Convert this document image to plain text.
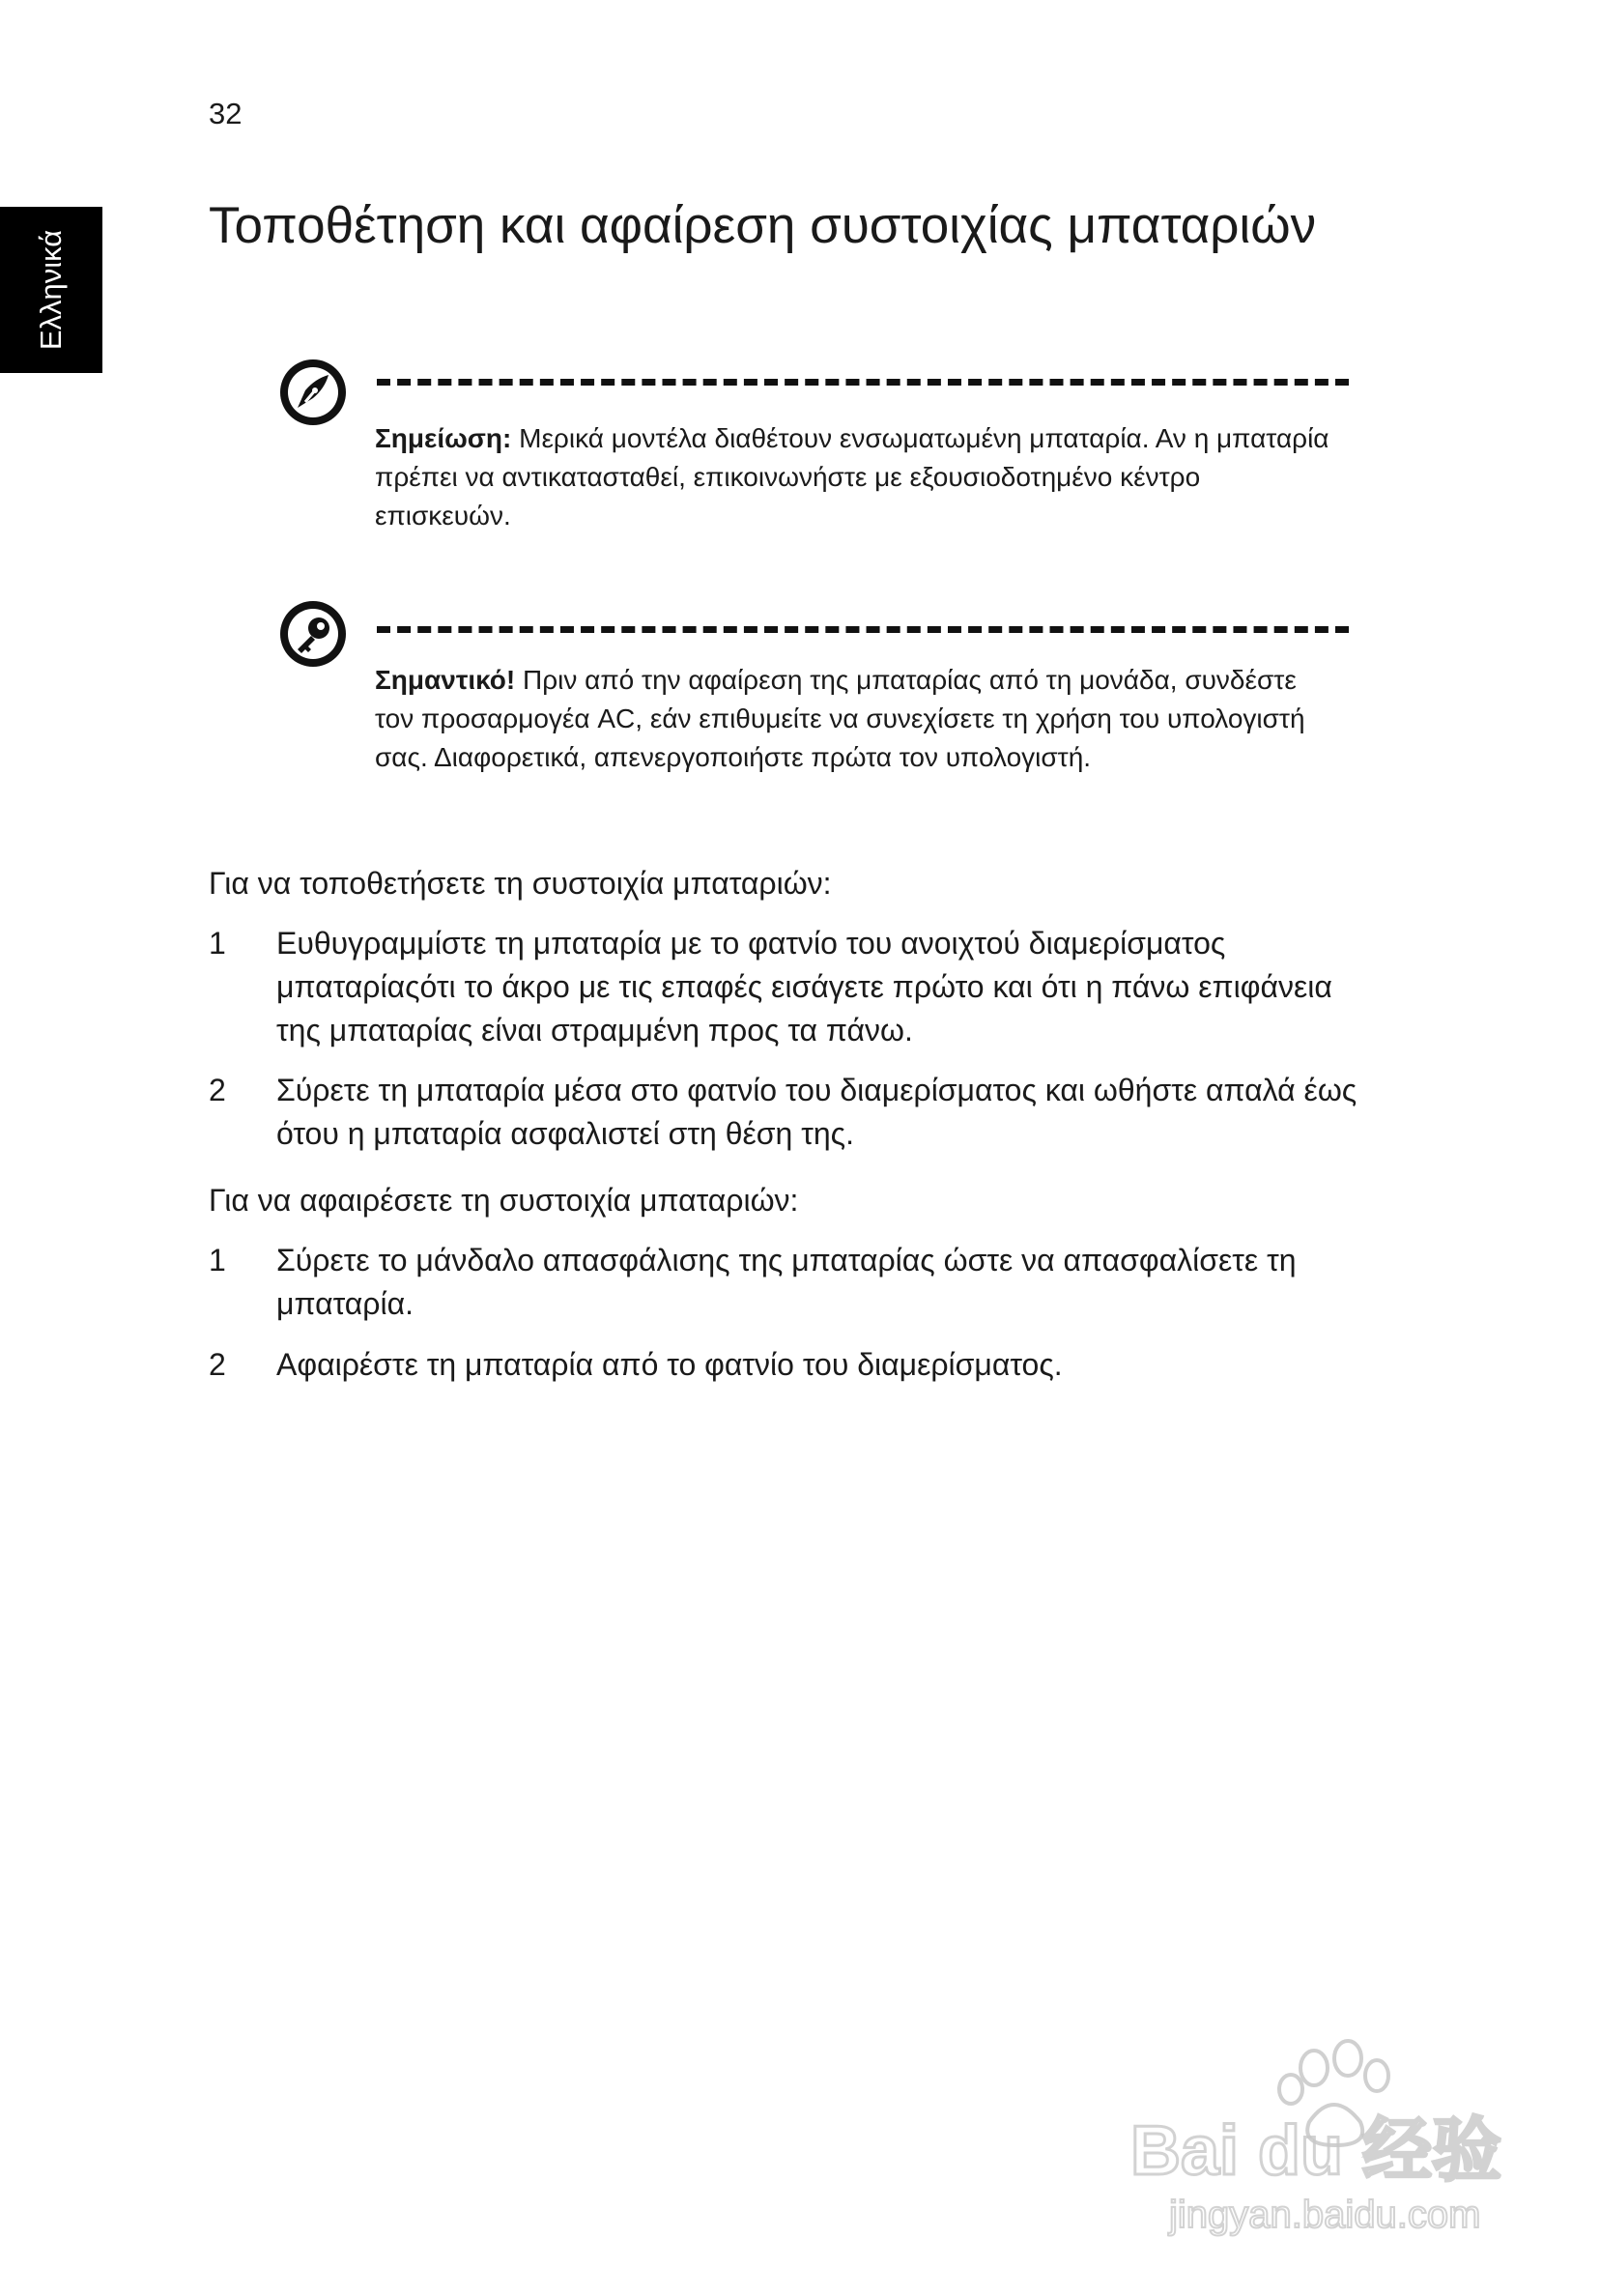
32
Ελληνικά
Τοποθέτηση και αφαίρεση συστοιχίας μπαταριών
Σημείωση: Μερικά μοντέλα διαθέτουν ενσωματωμένη μπαταρία. Αν η μπαταρία πρέπει να αντικατασταθεί, επικοινωνήστε με εξουσιοδοτημένο κέντρο επισκευών.
Σημαντικό! Πριν από την αφαίρεση της μπαταρίας από τη μονάδα, συνδέστε τον προσαρμογέα AC, εάν επιθυμείτε να συνεχίσετε τη χρήση του υπολογιστή σας. Διαφορετικά, απενεργοποιήστε πρώτα τον υπολογιστή.
Για να τοποθετήσετε τη συστοιχία μπαταριών:
1 Ευθυγραμμίστε τη μπαταρία με το φατνίο του ανοιχτού διαμερίσματος μπαταρίαςότι το άκρο με τις επαφές εισάγετε πρώτο και ότι η πάνω επιφάνεια της μπαταρίας είναι στραμμένη προς τα πάνω.
2 Σύρετε τη μπαταρία μέσα στο φατνίο του διαμερίσματος και ωθήστε απαλά έως ότου η μπαταρία ασφαλιστεί στη θέση της.
Για να αφαιρέσετε τη συστοιχία μπαταριών:
1 Σύρετε το μάνδαλο απασφάλισης της μπαταρίας ώστε να απασφαλίσετε τη μπαταρία.
2 Αφαιρέστε τη μπαταρία από το φατνίο του διαμερίσματος.
Bai du 经验
jingyan.baidu.com
